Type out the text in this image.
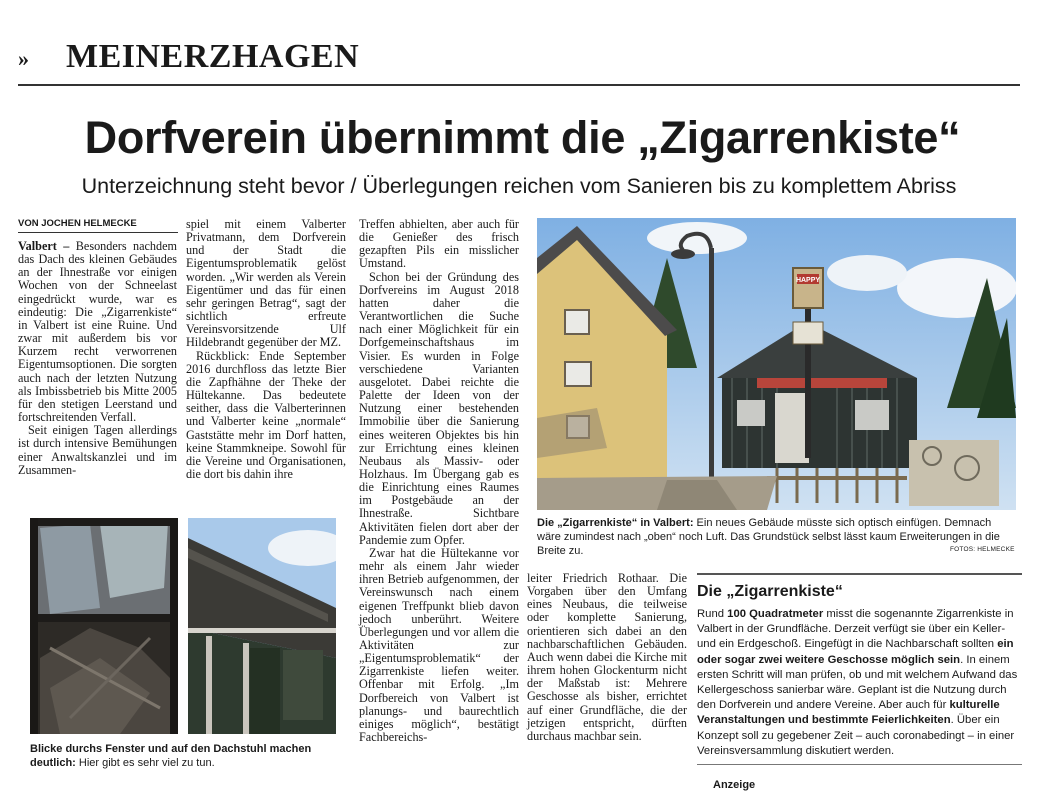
» MEINERZHAGEN
Dorfverein übernimmt die „Zigarrenkiste“
Unterzeichnung steht bevor / Überlegungen reichen vom Sanieren bis zu komplettem Abriss
VON JOCHEN HELMECKE

Valbert – Besonders nachdem das Dach des kleinen Gebäudes an der Ihnestraße vor einigen Wochen von der Schneelast eingedrückt wurde, war es eindeutig: Die „Zigarrenkiste“ in Valbert ist eine Ruine. Und zwar mit außerdem bis vor Kurzem recht verworrenen Eigentumsoptionen. Die sorgten auch nach der letzten Nutzung als Imbissbetrieb bis Mitte 2005 für den stetigen Leerstand und fortschreitenden Verfall.

Seit einigen Tagen allerdings ist durch intensive Bemühungen einer Anwaltskanzlei und im Zusammen-

spiel mit einem Valberter Privatmann, dem Dorfverein und der Stadt die Eigentumsproblematik gelöst worden. „Wir werden als Verein Eigentümer und das für einen sehr geringen Betrag“, sagt der sichtlich erfreute Vereinsvorsitzende Ulf Hildebrandt gegenüber der MZ.

Rückblick: Ende September 2016 durchfloss das letzte Bier die Zapfhähne der Theke der Hültekanne. Das bedeutete seither, dass die Valberterinnen und Valberter keine „normale“ Gaststätte mehr im Dorf hatten, keine Stammkneipe. Sowohl für die Vereine und Organisationen, die dort bis dahin ihre

Treffen abhielten, aber auch für die Genießer des frisch gezapften Pils ein misslicher Umstand.

Schon bei der Gründung des Dorfvereins im August 2018 hatten daher die Verantwortlichen die Suche nach einer Möglichkeit für ein Dorfgemeinschaftshaus im Visier. Es wurden in Folge verschiedene Varianten ausgelotet. Dabei reichte die Palette der Ideen von der Nutzung einer bestehenden Immobilie über die Sanierung eines weiteren Objektes bis hin zur Errichtung eines kleinen Neubaus als Massiv- oder Holzhaus. Im Übergang gab es die Einrichtung eines Raumes im Postgebäude an der Ihnestraße. Sichtbare Aktivitäten fielen dort aber der Pandemie zum Opfer.

Zwar hat die Hültekanne vor mehr als einem Jahr wieder ihren Betrieb aufgenommen, der Vereinswunsch nach einem eigenen Treffpunkt blieb davon jedoch unberührt. Weitere Überlegungen und vor allem die Aktivitäten zur „Eigentumsproblematik“ der Zigarrenkiste liefen weiter. Offenbar mit Erfolg. „Im Dorfbereich von Valbert ist planungs- und baurechtlich einiges möglich“, bestätigt Fachbereichs-

leiter Friedrich Rothaar. Die Vorgaben über den Umfang eines Neubaus, die teilweise oder komplette Sanierung, orientieren sich dabei an den nachbarschaftlichen Gebäuden. Auch wenn dabei die Kirche mit ihrem hohen Glockenturm nicht der Maßstab ist: Mehrere Geschosse als bisher, errichtet auf einer Grundfläche, die der jetzigen entspricht, dürften durchaus machbar sein.

Blicke durchs Fenster und auf den Dachstuhl machen deutlich: Hier gibt es sehr viel zu tun.
HAPPY
Die „Zigarrenkiste“ in Valbert: Ein neues Gebäude müsste sich optisch einfügen. Demnach wäre zumindest nach „oben“ noch Luft. Das Grundstück selbst lässt kaum Erweiterungen in die Breite zu.	FOTOS: HELMECKE
Die „Zigarrenkiste“
Rund 100 Quadratmeter misst die sogenannte Zigarrenkiste in Valbert in der Grundfläche. Derzeit verfügt sie über ein Keller- und ein Erdgeschoß. Eingefügt in die Nachbarschaft sollten ein oder sogar zwei weitere Geschosse möglich sein. In einem ersten Schritt will man prüfen, ob und mit welchem Aufwand das Kellergeschoss sanierbar wäre. Geplant ist die Nutzung durch den Dorfverein und andere Vereine. Aber auch für kulturelle Veranstaltungen und bestimmte Feierlichkeiten. Über ein Konzept soll zu gegebener Zeit – auch coronabedingt – in einer Vereinsversammlung diskutiert werden.
Anzeige
